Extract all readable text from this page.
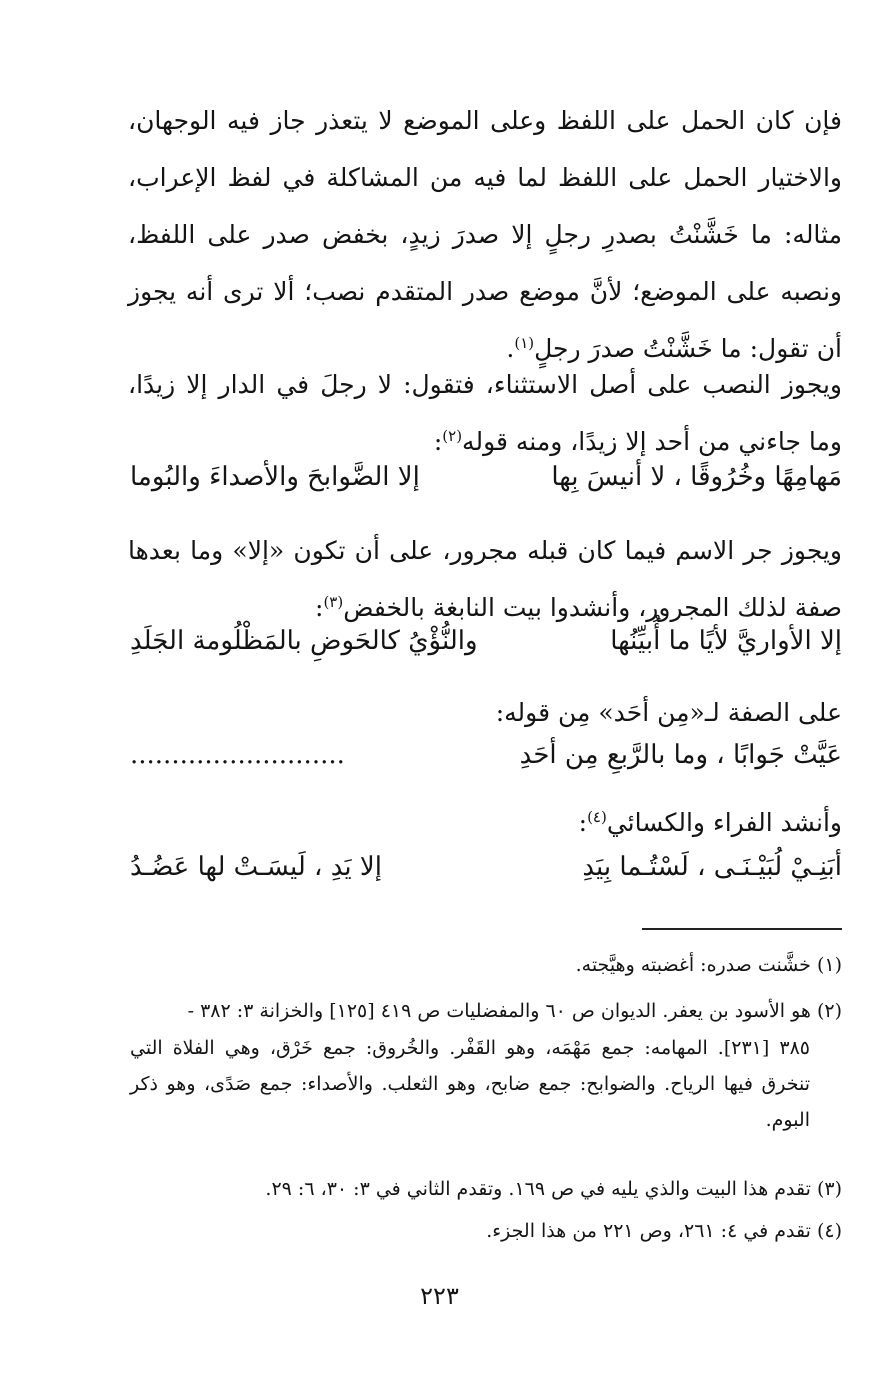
فإن كان الحمل على اللفظ وعلى الموضع لا يتعذر جاز فيه الوجهان، والاختيار الحمل على اللفظ لما فيه من المشاكلة في لفظ الإعراب، مثاله: ما خَشَّنْتُ بصدرِ رجلٍ إلا صدرَ زيدٍ، بخفض صدر على اللفظ، ونصبه على الموضع؛ لأنَّ موضع صدر المتقدم نصب؛ ألا ترى أنه يجوز أن تقول: ما خَشَّنْتُ صدرَ رجلٍ$^{(١)}$.
ويجوز النصب على أصل الاستثناء، فتقول: لا رجلَ في الدار إلا زيدًا، وما جاءني من أحد إلا زيدًا، ومنه قوله$^{(٢)}$:
مَهامِهًا وخُرُوقًا ، لا أنيسَ بِها
إلا الضَّوابحَ والأصداءَ والبُوما
ويجوز جر الاسم فيما كان قبله مجرور، على أن تكون «إلا» وما بعدها صفة لذلك المجرور، وأنشدوا بيت النابغة بالخفض$^{(٣)}$:
إلا الأواريَّ لأيًا ما أُبيِّنُها
والنُّؤْيُ كالحَوضِ بالمَظْلُومة الجَلَدِ
على الصفة لـ«مِن أحَد» مِن قوله:
عَيَّتْ جَوابًا ، وما بالرَّبعِ مِن أحَدِ
..........................
وأنشد الفراء والكسائي$^{(٤)}$:
أبَنِـيْ لُبَيْـنَـى ، لَسْتُـما بِيَدِ
إلا يَدِ ، لَيسَـتْ لها عَضُـدُ
(١)خشَّنت صدره: أغضبته وهيَّجته.
(٢)هو الأسود بن يعفر. الديوان ص ٦٠ والمفضليات ص ٤١٩ [١٢٥] والخزانة ٣: ٣٨٢ -
٣٨٥ [٢٣١]. المهامه: جمع مَهْمَه، وهو القَفْر. والخُروق: جمع خَرْق، وهي الفلاة التي تنخرق فيها الرياح. والضوابح: جمع ضابح، وهو الثعلب. والأصداء: جمع صَدًى، وهو ذكر البوم.
(٣)تقدم هذا البيت والذي يليه في ص ١٦٩. وتقدم الثاني في ٣: ٣٠، ٦: ٢٩.
(٤)تقدم في ٤: ٢٦١، وص ٢٢١ من هذا الجزء.
٢٢٣
